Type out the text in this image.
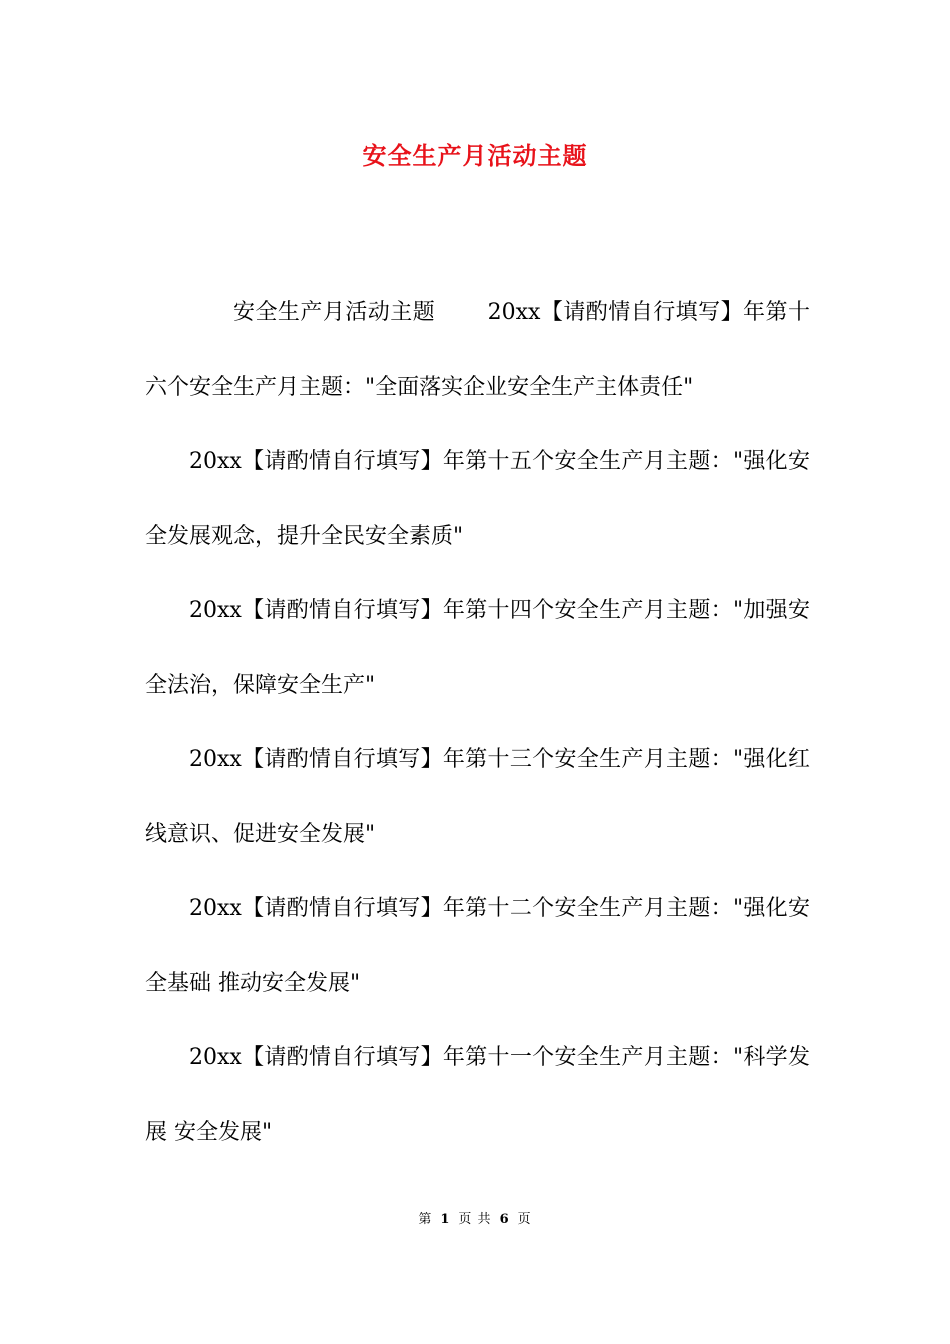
安全生产月活动主题

安全生产月活动主题 　　20xx【请酌情自行填写】年第十六个安全生产月主题："全面落实企业安全生产主体责任"

20xx【请酌情自行填写】年第十五个安全生产月主题："强化安全发展观念，提升全民安全素质"

20xx【请酌情自行填写】年第十四个安全生产月主题："加强安全法治，保障安全生产"

20xx【请酌情自行填写】年第十三个安全生产月主题："强化红线意识、促进安全发展"

20xx【请酌情自行填写】年第十二个安全生产月主题："强化安全基础 推动安全发展"

20xx【请酌情自行填写】年第十一个安全生产月主题："科学发展 安全发展"

第 1 页 共 6 页
